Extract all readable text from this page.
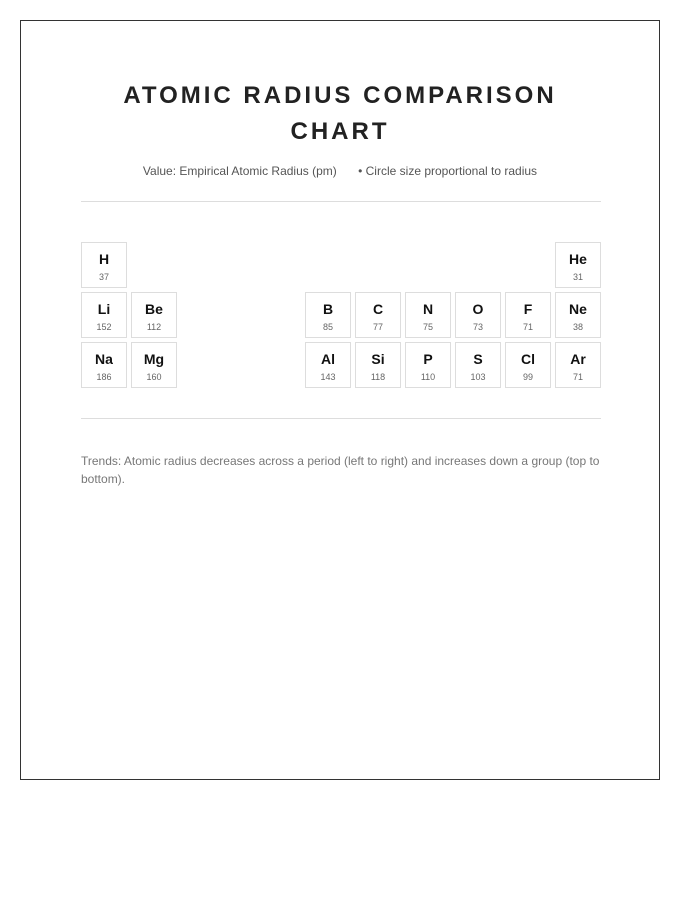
ATOMIC RADIUS COMPARISON CHART
Value: Empirical Atomic Radius (pm) • Circle size proportional to radius
H
37
He
31
Li
152
Be
112
B
85
C
77
N
75
O
73
F
71
Ne
38
Na
186
Mg
160
Al
143
Si
118
P
110
S
103
Cl
99
Ar
71
Trends: Atomic radius decreases across a period (left to right) and increases down a group (top to bottom).
